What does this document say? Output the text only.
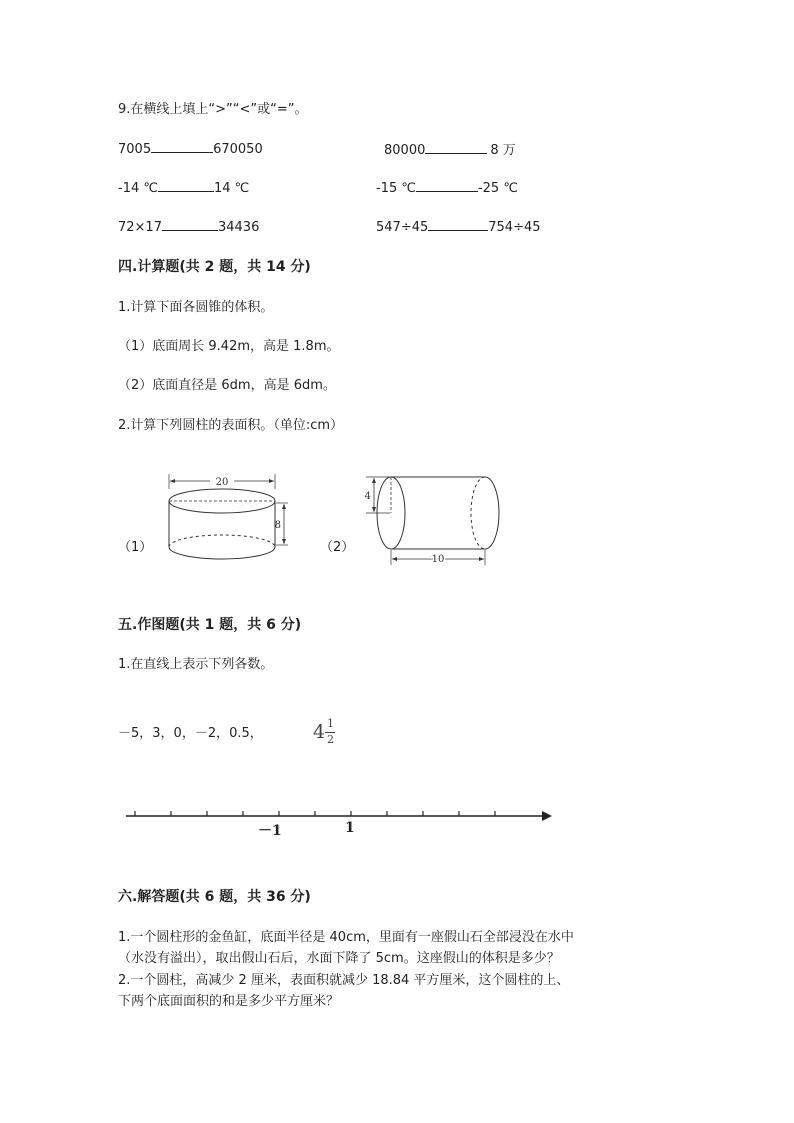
9.在横线上填上“>”“<”或“=”。
7005	670050	80000	8 万
-14 ℃	14 ℃	-15 ℃	-25 ℃
72×17	34436	547÷45	754÷45
四.计算题(共 2 题，共 14 分)
1.计算下面各圆锥的体积。
（1）底面周长 9.42m，高是 1.8m。
（2）底面直径是 6dm，高是 6dm。
2.计算下列圆柱的表面积。（单位:cm）
（1）	（2）
20
8
4
10
五.作图题(共 1 题，共 6 分)
1.在直线上表示下列各数。
－5，3，0，－2，0.5，	4 1
2
－1	1
六.解答题(共 6 题，共 36 分)
1.一个圆柱形的金鱼缸，底面半径是 40cm，里面有一座假山石全部浸没在水中
（水没有溢出），取出假山石后，水面下降了 5cm。这座假山的体积是多少？
2.一个圆柱，高减少 2 厘米，表面积就减少 18.84 平方厘米，这个圆柱的上、
下两个底面面积的和是多少平方厘米？
